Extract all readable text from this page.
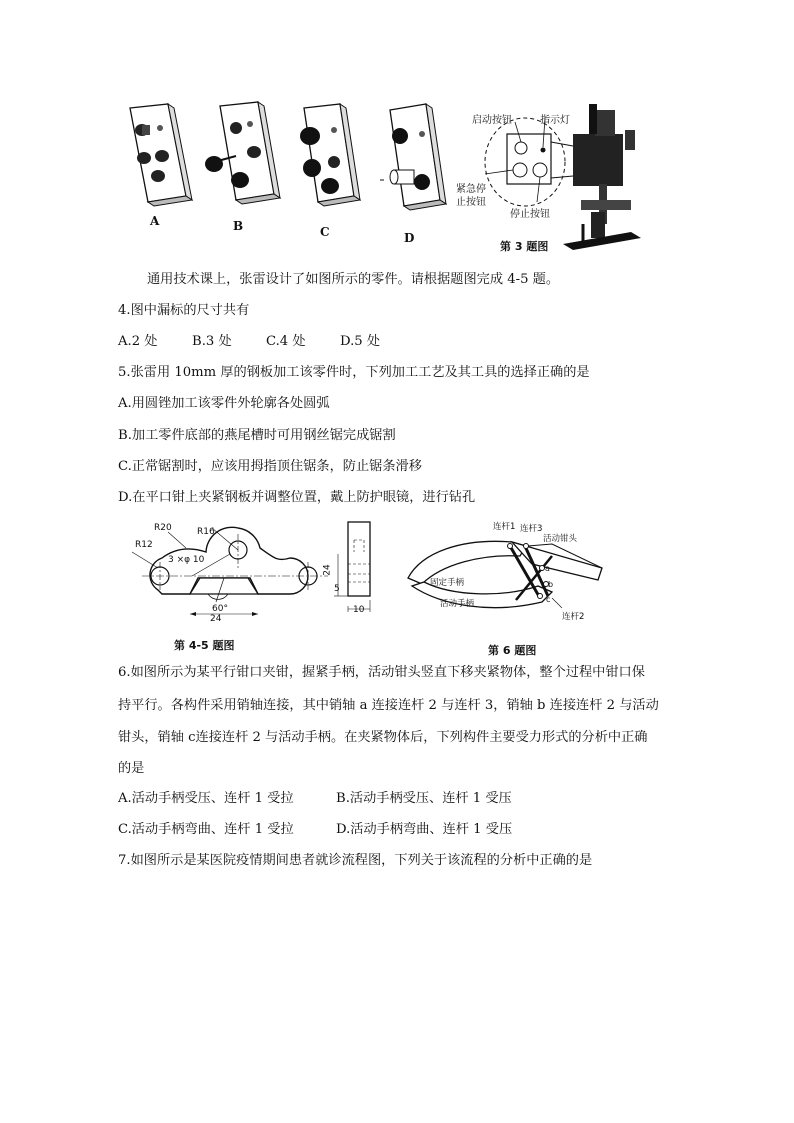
A	B	C	D
启动按钮	指示灯
紧急停
止按钮
停止按钮
第 3 题图
通用技术课上，张雷设计了如图所示的零件。请根据题图完成 4-5 题。
4.图中漏标的尺寸共有
A.2 处	B.3 处	C.4 处	D.5 处
5.张雷用 10mm 厚的钢板加工该零件时，下列加工工艺及其工具的选择正确的是
A.用圆锉加工该零件外轮廓各处圆弧
B.加工零件底部的燕尾槽时可用钢丝锯完成锯割
C.正常锯割时，应该用拇指顶住锯条，防止锯条滑移
D.在平口钳上夹紧钢板并调整位置，戴上防护眼镜，进行钻孔
R20	R16
R12
3 ×φ 10
60°
24
24
5
10
第 4-5 题图
连杆1 连杆3
活动钳头
固定手柄
活动手柄
a
b
c
连杆2
第 6 题图
6.如图所示为某平行钳口夹钳，握紧手柄，活动钳头竖直下移夹紧物体，整个过程中钳口保
持平行。各构件采用销轴连接，其中销轴 a 连接连杆 2 与连杆 3，销轴 b 连接连杆 2 与活动
钳头，销轴 c连接连杆 2 与活动手柄。在夹紧物体后，下列构件主要受力形式的分析中正确
的是
A.活动手柄受压、连杆 1 受拉	B.活动手柄受压、连杆 1 受压
C.活动手柄弯曲、连杆 1 受拉	D.活动手柄弯曲、连杆 1 受压
7.如图所示是某医院疫情期间患者就诊流程图，下列关于该流程的分析中正确的是
